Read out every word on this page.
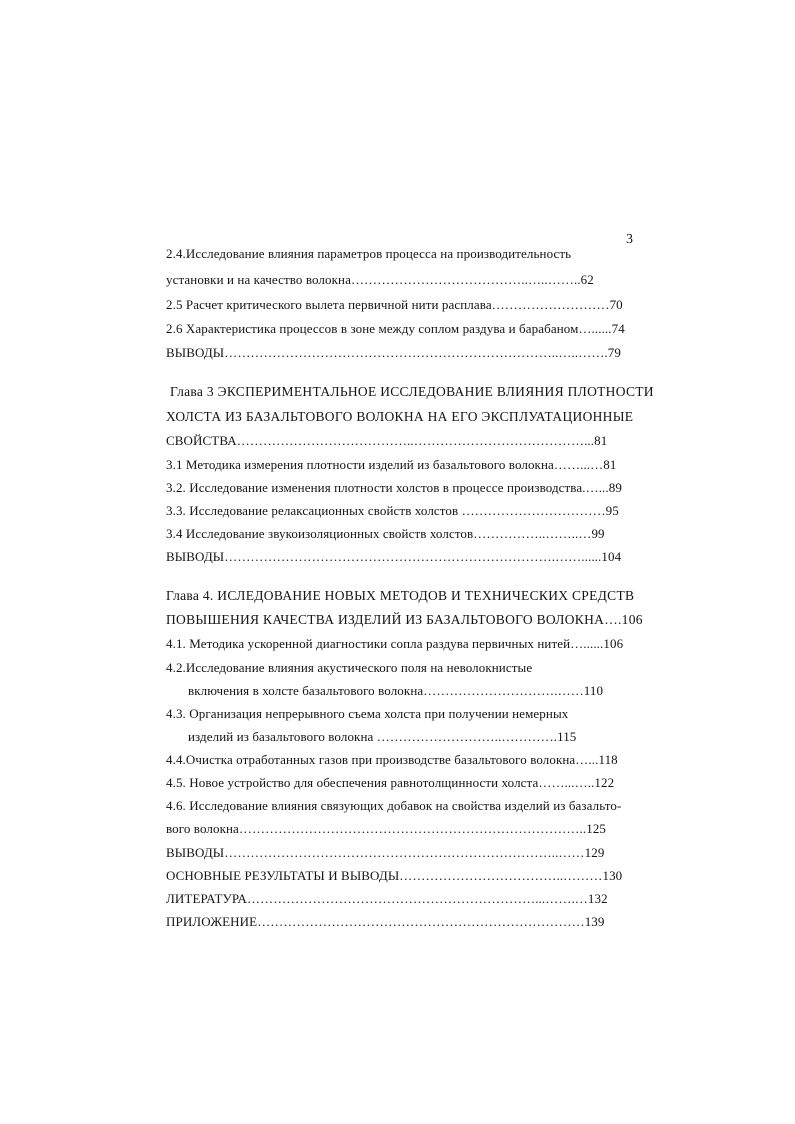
3
2.4.Исследование влияния параметров процесса на производительность
установки и на качество волокна…………………………………..…..……..62
2.5 Расчет критического вылета первичной нити расплава………………………70
2.6 Характеристика процессов в зоне между соплом раздува и барабаном…......74
ВЫВОДЫ…………………………………………………………………..…..…….79
Глава 3 ЭКСПЕРИМЕНТАЛЬНОЕ ИССЛЕДОВАНИЕ ВЛИЯНИЯ ПЛОТНОСТИ
ХОЛСТА ИЗ БАЗАЛЬТОВОГО ВОЛОКНА НА ЕГО ЭКСПЛУАТАЦИОННЫЕ
СВОЙСТВА…………………………………..…………………………………...81
3.1 Методика измерения плотности изделий из базальтового волокна……...…81
3.2. Исследование изменения плотности холстов в процессе производства.…...89
3.3. Исследование релаксационных свойств холстов ……………………………95
3.4 Исследование звукоизоляционных свойств холстов……………..……..…99
ВЫВОДЫ………………………………………………………………….……......104
Глава 4. ИСЛЕДОВАНИЕ НОВЫХ МЕТОДОВ И ТЕХНИЧЕСКИХ СРЕДСТВ
ПОВЫШЕНИЯ КАЧЕСТВА ИЗДЕЛИЙ ИЗ БАЗАЛЬТОВОГО ВОЛОКНА….106
4.1. Методика ускоренной диагностики сопла раздува первичных нитей…......106
4.2.Исследование влияния акустического поля на неволокнистые
включения в холсте базальтового волокна………………………….……110
4.3. Организация непрерывного съема холста при получении немерных
изделий из базальтового волокна ………………………..………….115
4.4.Очистка отработанных газов при производстве базальтового волокна…...118
4.5. Новое устройство для обеспечения равнотолщинности холста……...…..122
4.6. Исследование влияния связующих добавок на свойства изделий из базальто-
вого волокна……………………………………………………………………..125
ВЫВОДЫ…………………………………………………………………..……129
ОСНОВНЫЕ РЕЗУЛЬТАТЫ И ВЫВОДЫ………………………………..………130
ЛИТЕРАТУРА…………………………………………………………...…….…132
ПРИЛОЖЕНИЕ…………………………………………………………………139
